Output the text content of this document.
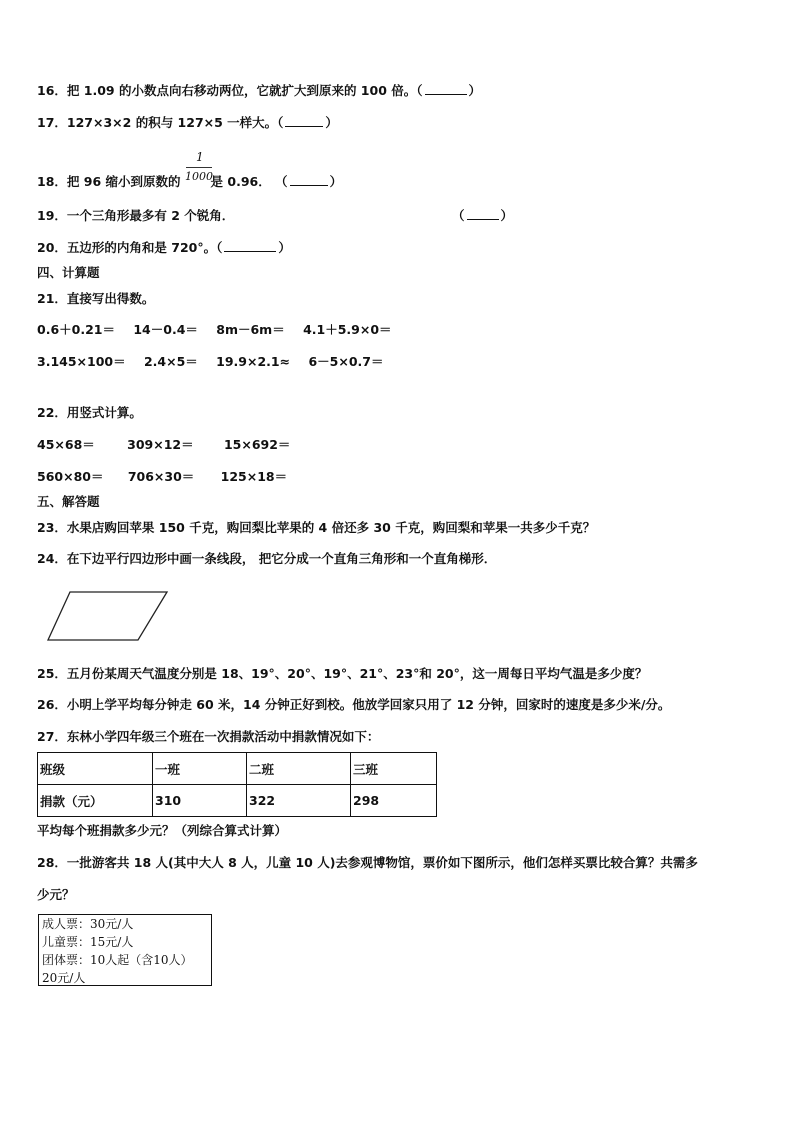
16．把 1.09 的小数点向右移动两位，它就扩大到原来的 100 倍。（	）
17．127×3×2 的积与 127×5 一样大。（	）
18．把 96 缩小到原数的 是 0.96． （	）
1
1000
19．一个三角形最多有 2 个锐角．	（	）
20．五边形的内角和是 720°。（	）
四、计算题
21．直接写出得数。
0.6＋0.21＝ 14－0.4＝ 8m－6m＝ 4.1＋5.9×0＝
3.145×100＝ 2.4×5＝ 19.9×2.1≈ 6－5×0.7＝
22．用竖式计算。
45×68＝	309×12＝ 15×692＝
560×80＝ 706×30＝ 125×18＝
五、解答题
23．水果店购回苹果 150 千克，购回梨比苹果的 4 倍还多 30 千克，购回梨和苹果一共多少千克？
24．在下边平行四边形中画一条线段， 把它分成一个直角三角形和一个直角梯形．
25．五月份某周天气温度分别是 18、19°、20°、19°、21°、23°和 20°，这一周每日平均气温是多少度？
26．小明上学平均每分钟走 60 米，14 分钟正好到校。他放学回家只用了 12 分钟，回家时的速度是多少米/分。
27．东林小学四年级三个班在一次捐款活动中捐款情况如下：
班级	一班	二班	三班
捐款（元）	310	322	298
平均每个班捐款多少元？（列综合算式计算）
28．一批游客共 18 人(其中大人 8 人，儿童 10 人)去参观博物馆，票价如下图所示，他们怎样买票比较合算？共需多
少元？
成人票：30元/人
儿童票：15元/人
团体票：10人起（含10人）
20元/人
